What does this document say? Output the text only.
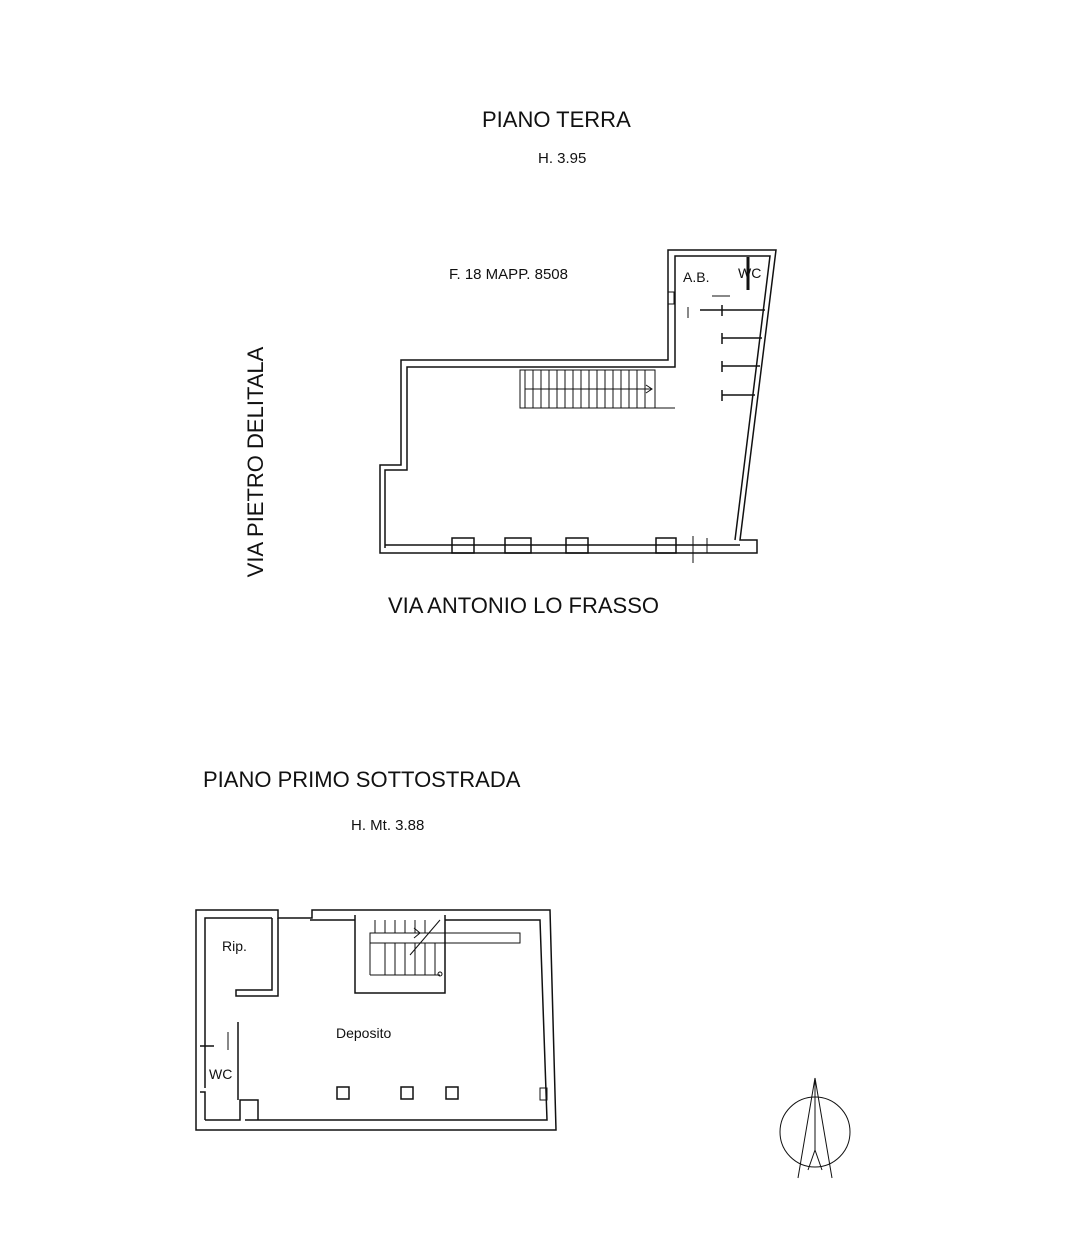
PIANO TERRA
H. 3.95
F. 18 MAPP. 8508	A.B. WC
VIA PIETRO DELITALA
VIA ANTONIO LO FRASSO
PIANO PRIMO SOTTOSTRADA
H. Mt. 3.88
Rip.
Deposito
WC
